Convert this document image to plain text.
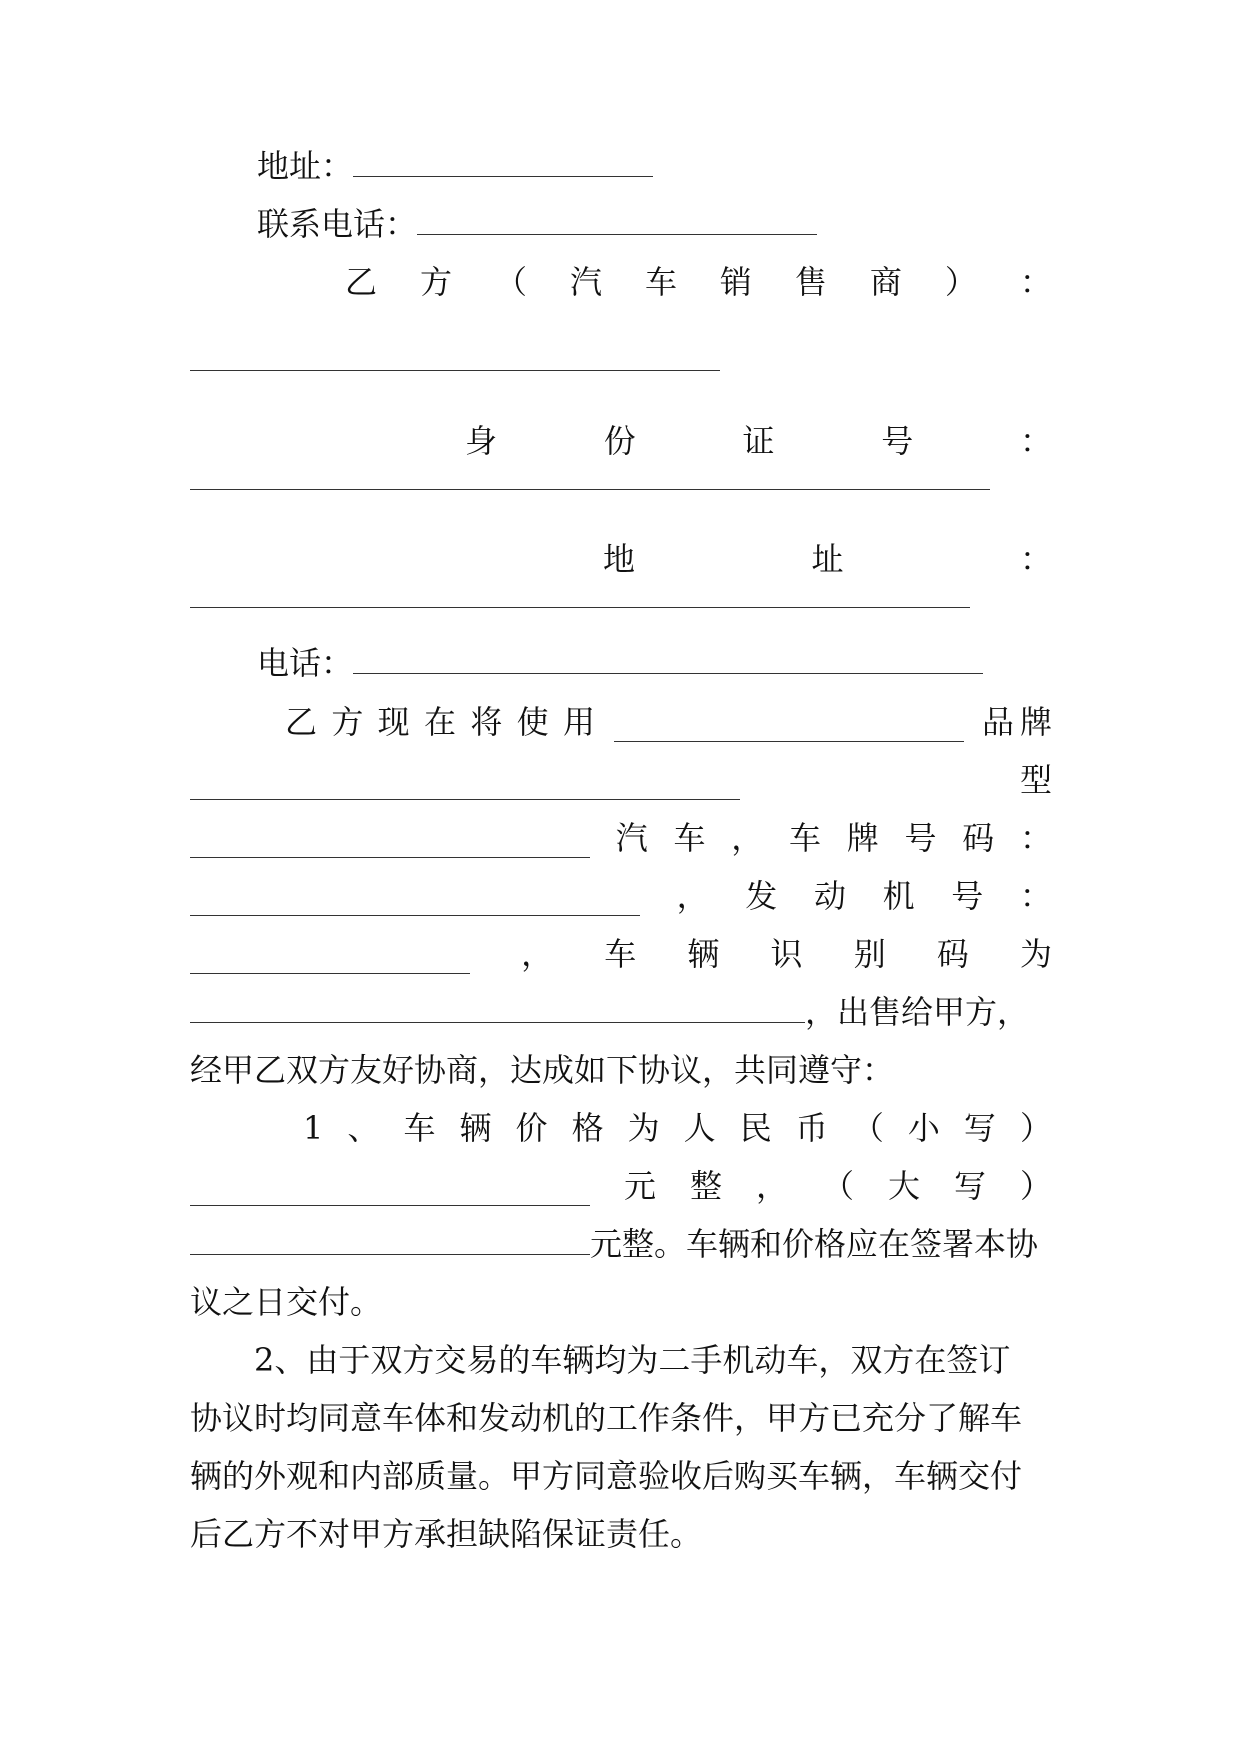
地址：
联系电话：
乙 方 （ 汽 车 销 售 商 ） ：
身	份	证	号	：
地	址	：
电话：
乙 方 现 在 将 使 用	品 牌
型
汽 车 ， 车 牌 号 码 ：
， 发 动 机 号 ：
， 车 辆 识 别 码 为
，出售给甲方，
经甲乙双方友好协商，达成如下协议，共同遵守：
1 、 车 辆 价 格 为 人 民 币 （ 小 写 ）
元 整 ， （ 大 写 ）
元整。车辆和价格应在签署本协
议之日交付。
2、由于双方交易的车辆均为二手机动车，双方在签订
协议时均同意车体和发动机的工作条件，甲方已充分了解车
辆的外观和内部质量。甲方同意验收后购买车辆，车辆交付
后乙方不对甲方承担缺陷保证责任。
